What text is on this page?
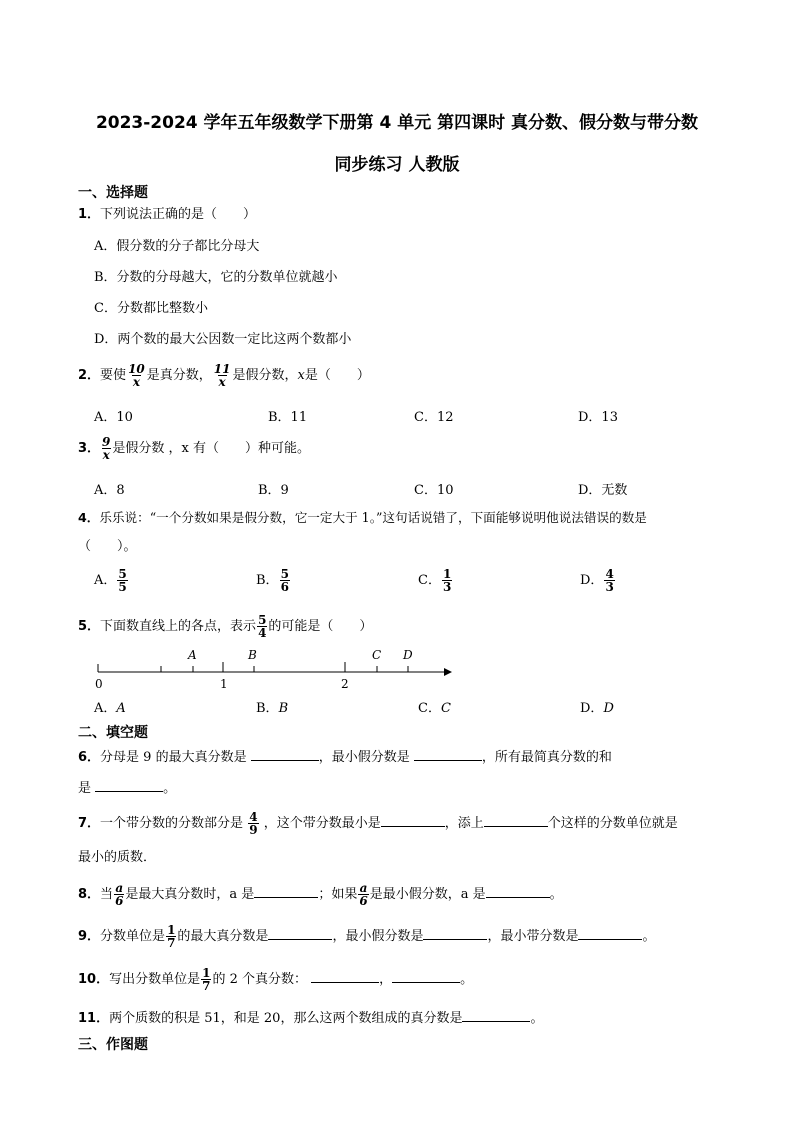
2023-2024 学年五年级数学下册第 4 单元 第四课时 真分数、假分数与带分数
同步练习 人教版
一、选择题
1．下列说法正确的是（　　）
A．假分数的分子都比分母大
B．分数的分母越大，它的分数单位就越小
C．分数都比整数小
D．两个数的最大公因数一定比这两个数都小
2．要使 $\frac{10}{x}$ 是真分数， $\frac{11}{x}$ 是假分数，x是（　　）
A．10	B．11	C．12	D．13
3． $\frac{9}{x}$ 是假分数 ，x 有（　　）种可能。
A．8	B．9	C．10	D．无数
4．乐乐说：“一个分数如果是假分数，它一定大于 1。”这句话说错了，下面能够说明他说法错误的数是
（　　）。
A． $\frac{5}{5}$	B． $\frac{5}{6}$	C． $\frac{1}{3}$	D． $\frac{4}{3}$
5．下面数直线上的各点，表示 $\frac{5}{4}$ 的可能是（　　）
0	1	2
A	B	C D
A．A	B．B	C．C	D．D
二、填空题
6．分母是 9 的最大真分数是	，最小假分数是	，所有最简真分数的和
是	。
7．一个带分数的分数部分是 $\frac{4}{9}$ ，这个带分数最小是	，添上	个这样的分数单位就是
最小的质数．
8．当 $\frac{a}{6}$ 是最大真分数时，a 是	；如果 $\frac{a}{6}$ 是最小假分数，a 是	。
9．分数单位是 $\frac{1}{7}$ 的最大真分数是	，最小假分数是	，最小带分数是	。
10．写出分数单位是 $\frac{1}{7}$ 的 2 个真分数：	，	。
11．两个质数的积是 51，和是 20，那么这两个数组成的真分数是	。
三、作图题
